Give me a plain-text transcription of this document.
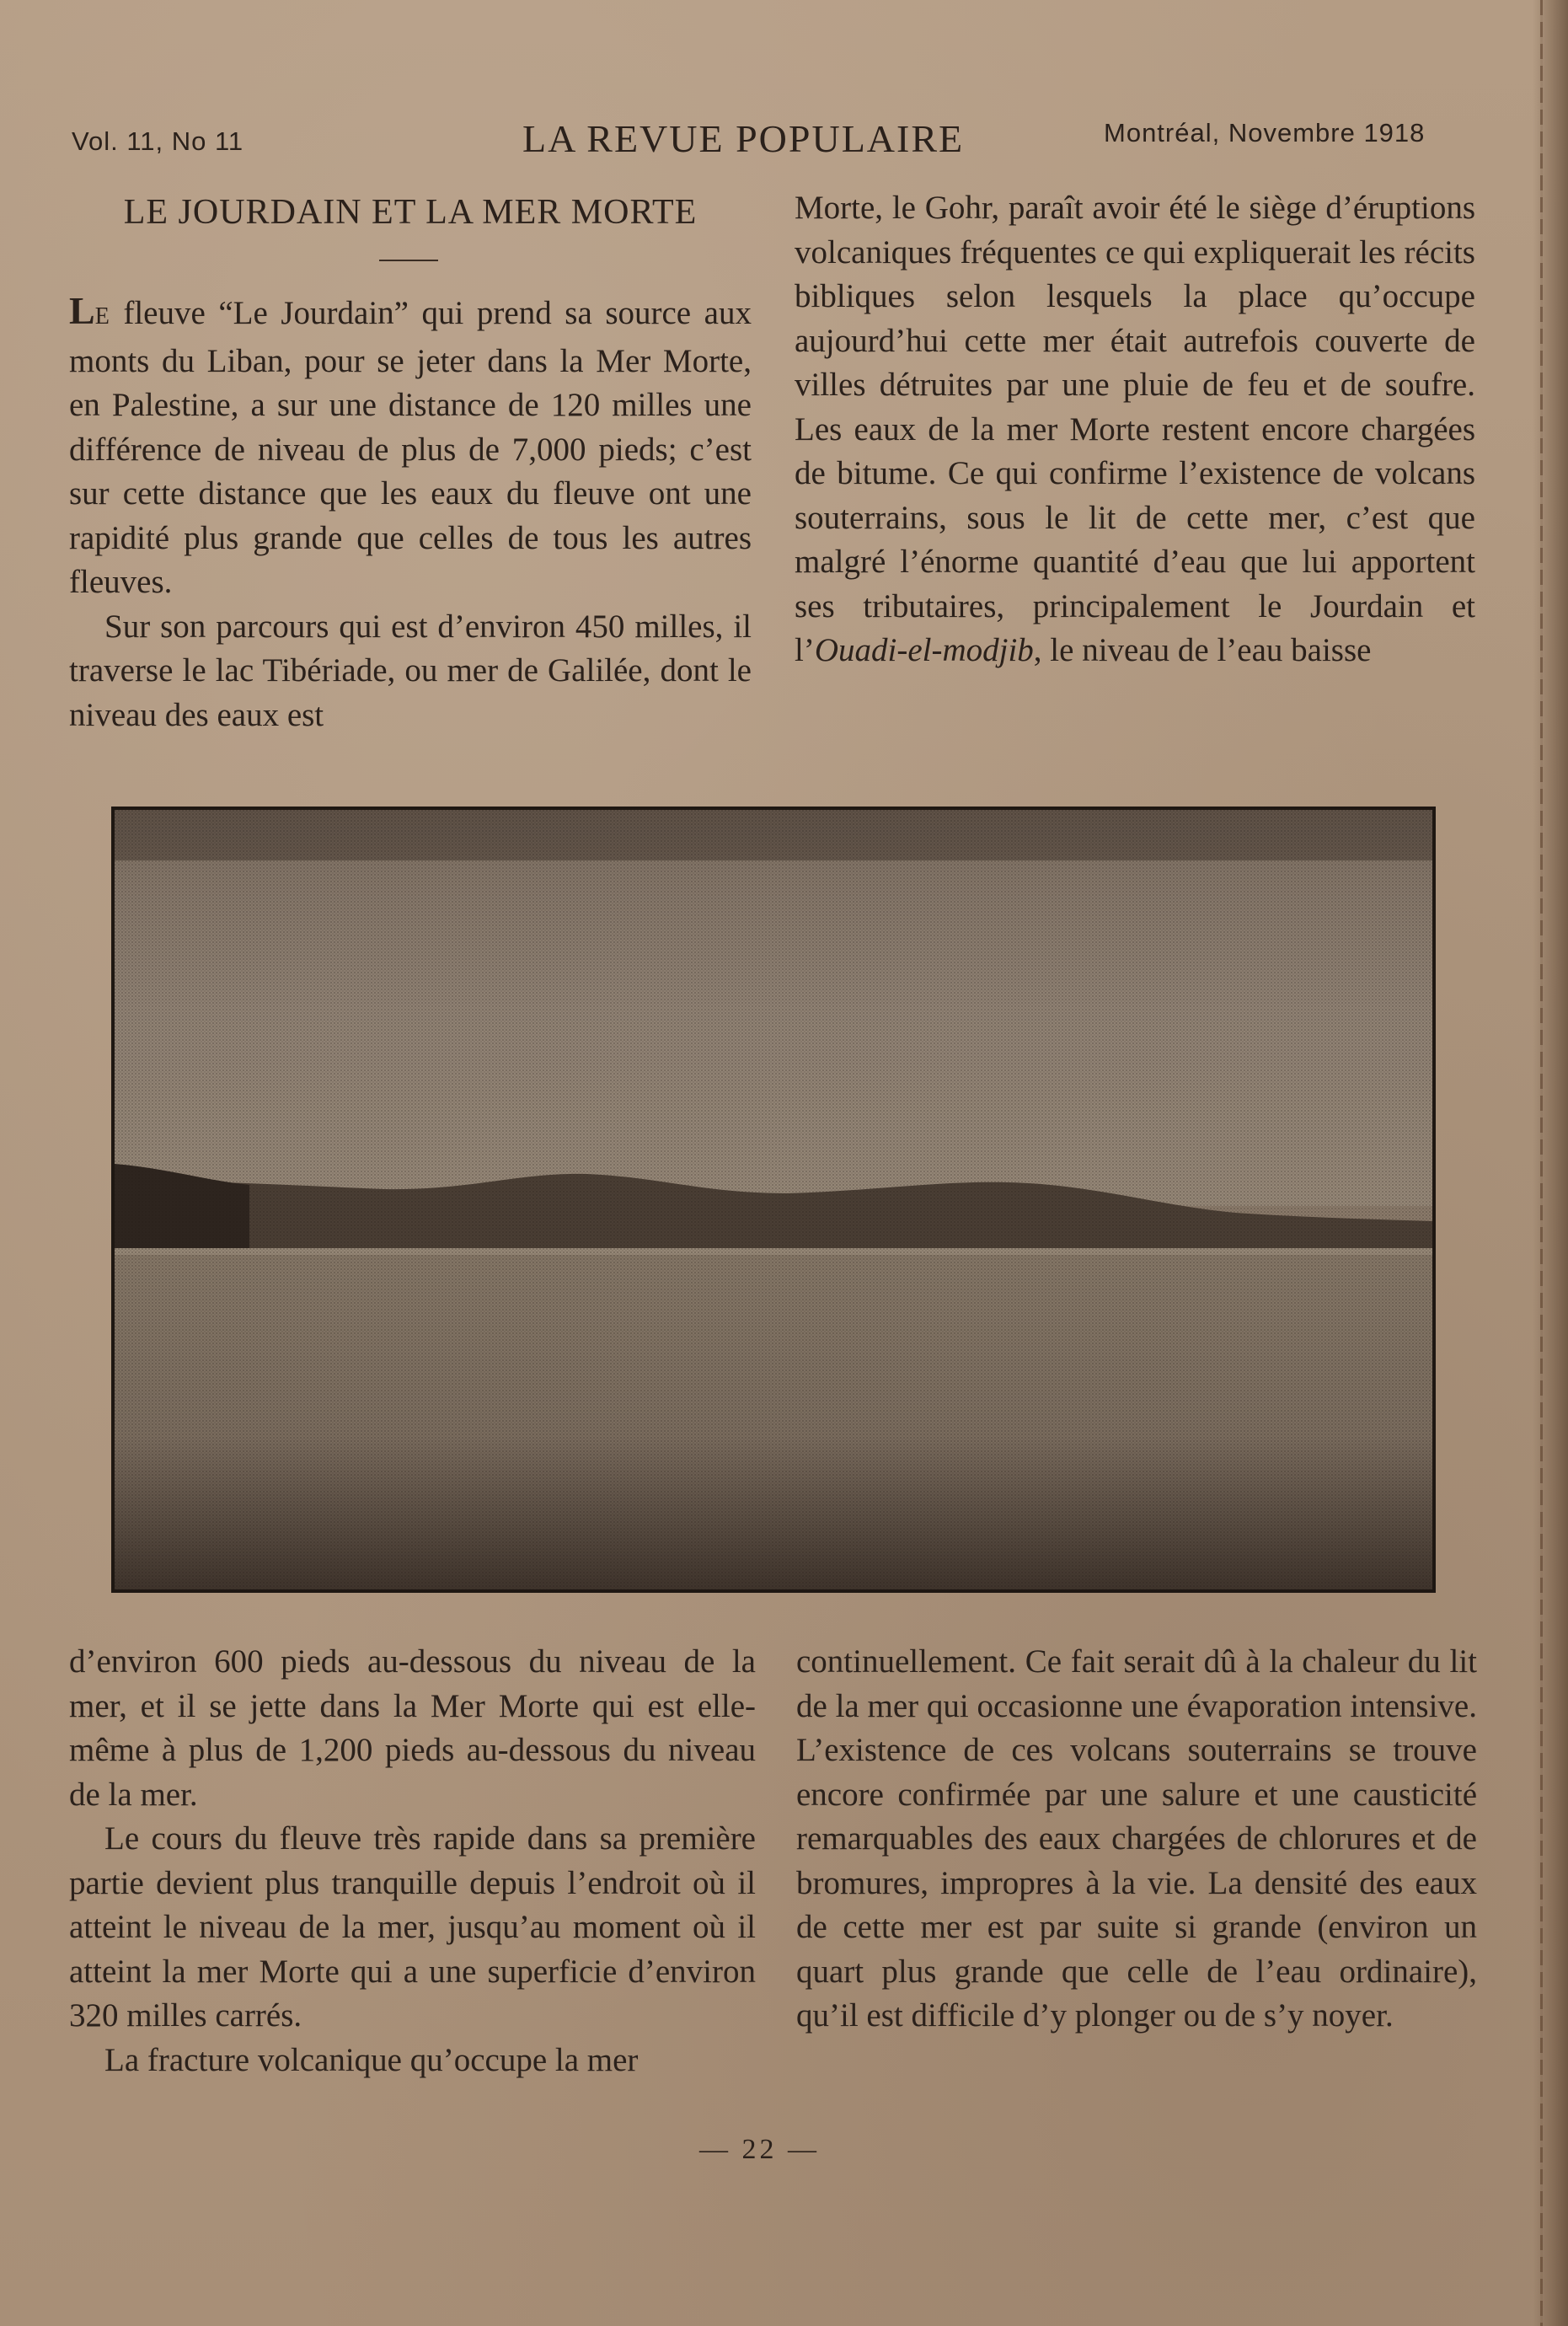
Vol. 11, No 11	LA REVUE POPULAIRE	Montréal, Novembre 1918
LE JOURDAIN ET LA MER MORTE

LE fleuve “Le Jourdain” qui prend sa source aux monts du Liban, pour se jeter dans la Mer Morte, en Palestine, a sur une distance de 120 milles une différence de niveau de plus de 7,000 pieds; c’est sur cette distance que les eaux du fleuve ont une rapidité plus grande que celles de tous les autres fleuves.

Sur son parcours qui est d’environ 450 milles, il traverse le lac Tibériade, ou mer de Galilée, dont le niveau des eaux est

Morte, le Gohr, paraît avoir été le siège d’éruptions volcaniques fréquentes ce qui expliquerait les récits bibliques selon lesquels la place qu’occupe aujourd’hui cette mer était autrefois couverte de villes détruites par une pluie de feu et de soufre. Les eaux de la mer Morte restent encore chargées de bitume. Ce qui confirme l’existence de volcans souterrains, sous le lit de cette mer, c’est que malgré l’énorme quantité d’eau que lui apportent ses tributaires, principalement le Jourdain et l’Ouadi-el-modjib, le niveau de l’eau baisse

d’environ 600 pieds au-dessous du niveau de la mer, et il se jette dans la Mer Morte qui est elle-même à plus de 1,200 pieds au-dessous du niveau de la mer.

Le cours du fleuve très rapide dans sa première partie devient plus tranquille depuis l’endroit où il atteint le niveau de la mer, jusqu’au moment où il atteint la mer Morte qui a une superficie d’environ 320 milles carrés.

La fracture volcanique qu’occupe la mer

continuellement. Ce fait serait dû à la chaleur du lit de la mer qui occasionne une évaporation intensive. L’existence de ces volcans souterrains se trouve encore confirmée par une salure et une causticité remarquables des eaux chargées de chlorures et de bromures, impropres à la vie. La densité des eaux de cette mer est par suite si grande (environ un quart plus grande que celle de l’eau ordinaire), qu’il est difficile d’y plonger ou de s’y noyer.

— 22 —
